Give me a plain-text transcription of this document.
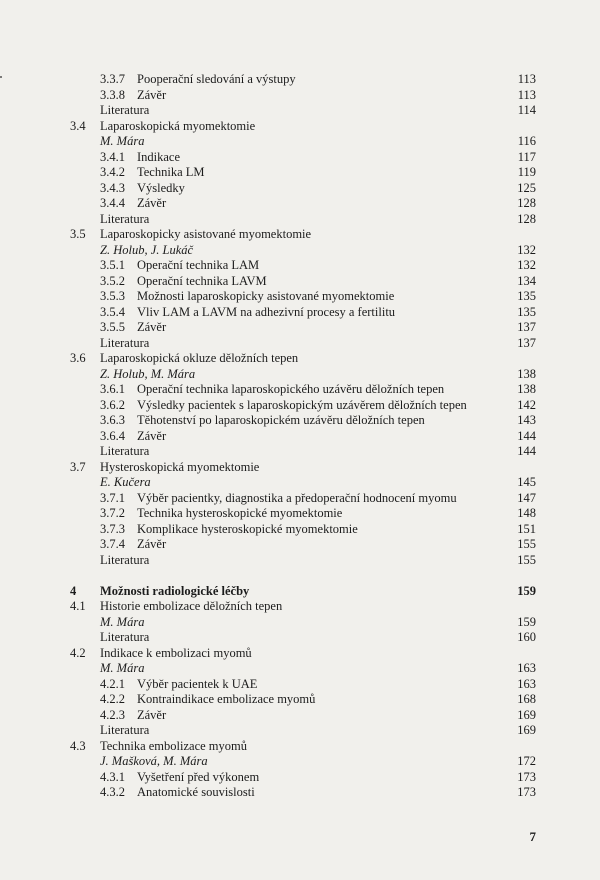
3.3.7 Pooperační sledování a výstupy	113
3.3.8 Závěr	113
Literatura	114
3.4 Laparoskopická myomektomie
M. Mára	116
3.4.1 Indikace	117
3.4.2 Technika LM	119
3.4.3 Výsledky	125
3.4.4 Závěr	128
Literatura	128
3.5 Laparoskopicky asistované myomektomie
Z. Holub, J. Lukáč	132
3.5.1 Operační technika LAM	132
3.5.2 Operační technika LAVM	134
3.5.3 Možnosti laparoskopicky asistované myomektomie	135
3.5.4 Vliv LAM a LAVM na adhezivní procesy a fertilitu	135
3.5.5 Závěr	137
Literatura	137
3.6 Laparoskopická okluze děložních tepen
Z. Holub, M. Mára	138
3.6.1 Operační technika laparoskopického uzávěru děložních tepen	138
3.6.2 Výsledky pacientek s laparoskopickým uzávěrem děložních tepen	142
3.6.3 Těhotenství po laparoskopickém uzávěru děložních tepen	143
3.6.4 Závěr	144
Literatura	144
3.7 Hysteroskopická myomektomie
E. Kučera	145
3.7.1 Výběr pacientky, diagnostika a předoperační hodnocení myomu	147
3.7.2 Technika hysteroskopické myomektomie	148
3.7.3 Komplikace hysteroskopické myomektomie	151
3.7.4 Závěr	155
Literatura	155
4 Možnosti radiologické léčby	159
4.1 Historie embolizace děložních tepen
M. Mára	159
Literatura	160
4.2 Indikace k embolizaci myomů
M. Mára	163
4.2.1 Výběr pacientek k UAE	163
4.2.2 Kontraindikace embolizace myomů	168
4.2.3 Závěr	169
Literatura	169
4.3 Technika embolizace myomů
J. Mašková, M. Mára	172
4.3.1 Vyšetření před výkonem	173
4.3.2 Anatomické souvislosti	173
7
